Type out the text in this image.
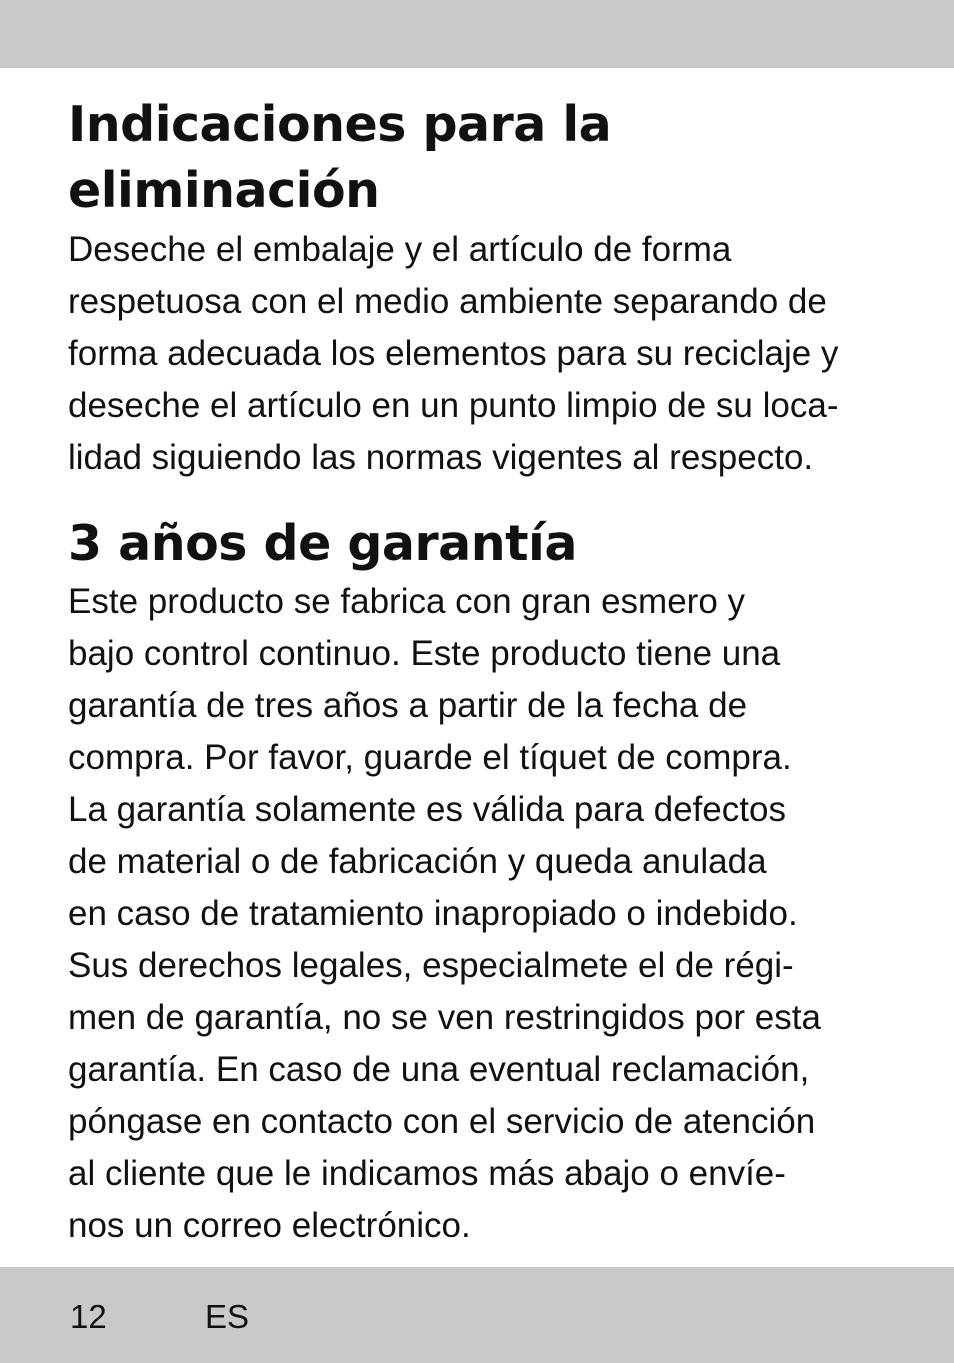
Indicaciones para la
eliminación

Deseche el embalaje y el artículo de forma
respetuosa con el medio ambiente separando de
forma adecuada los elementos para su reciclaje y
deseche el artículo en un punto limpio de su loca-
lidad siguiendo las normas vigentes al respecto.

3 años de garantía

Este producto se fabrica con gran esmero y
bajo control continuo. Este producto tiene una
garantía de tres años a partir de la fecha de
compra. Por favor, guarde el tíquet de compra.
La garantía solamente es válida para defectos
de material o de fabricación y queda anulada
en caso de tratamiento inapropiado o indebido.
Sus derechos legales, especialmete el de régi-
men de garantía, no se ven restringidos por esta
garantía. En caso de una eventual reclamación,
póngase en contacto con el servicio de atención
al cliente que le indicamos más abajo o envíe-
nos un correo electrónico.

12	ES
